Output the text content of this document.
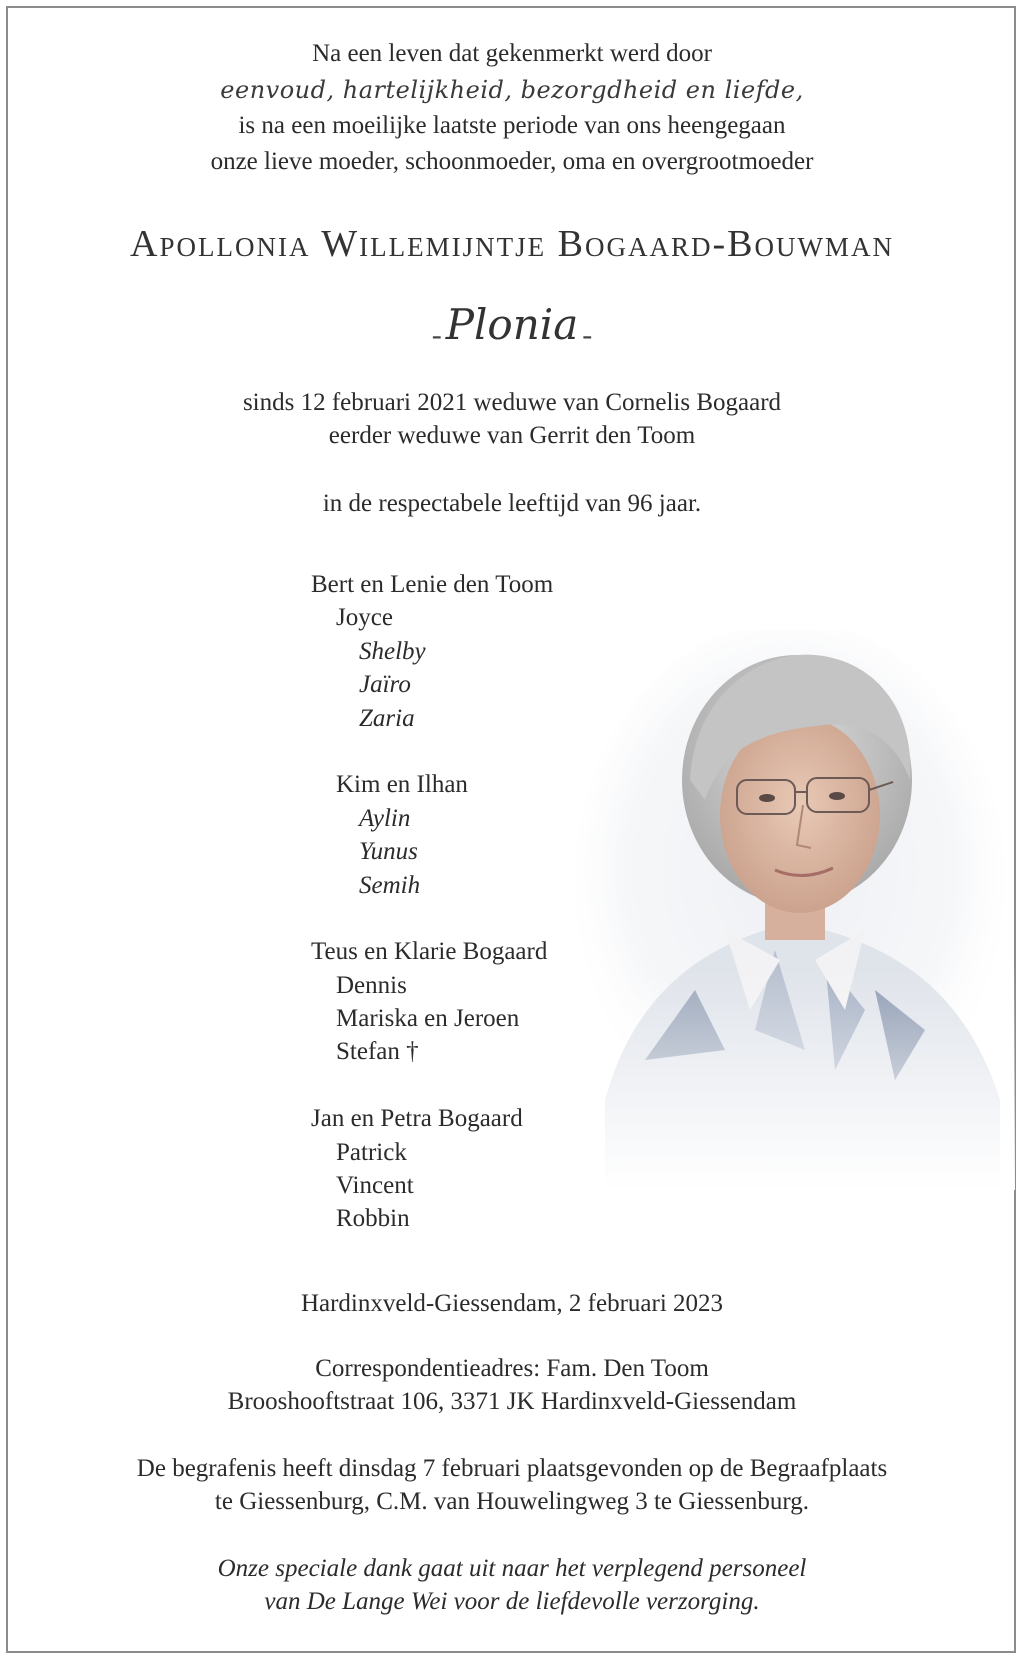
Na een leven dat gekenmerkt werd door
eenvoud, hartelijkheid, bezorgdheid en liefde,
is na een moeilijke laatste periode van ons heengegaan
onze lieve moeder, schoonmoeder, oma en overgrootmoeder
Apollonia Willemijntje Bogaard-Bouwman
- Plonia -
sinds 12 februari 2021 weduwe van Cornelis Bogaard
eerder weduwe van Gerrit den Toom
in de respectabele leeftijd van 96 jaar.
Bert en Lenie den Toom
Joyce
Shelby
Jaïro
Zaria
Kim en Ilhan
Aylin
Yunus
Semih
Teus en Klarie Bogaard
Dennis
Mariska en Jeroen
Stefan †
Jan en Petra Bogaard
Patrick
Vincent
Robbin
Hardinxveld-Giessendam, 2 februari 2023
Correspondentieadres: Fam. Den Toom
Brooshooftstraat 106, 3371 JK Hardinxveld-Giessendam
De begrafenis heeft dinsdag 7 februari plaatsgevonden op de Begraafplaats
te Giessenburg, C.M. van Houwelingweg 3 te Giessenburg.
Onze speciale dank gaat uit naar het verplegend personeel
van De Lange Wei voor de liefdevolle verzorging.
